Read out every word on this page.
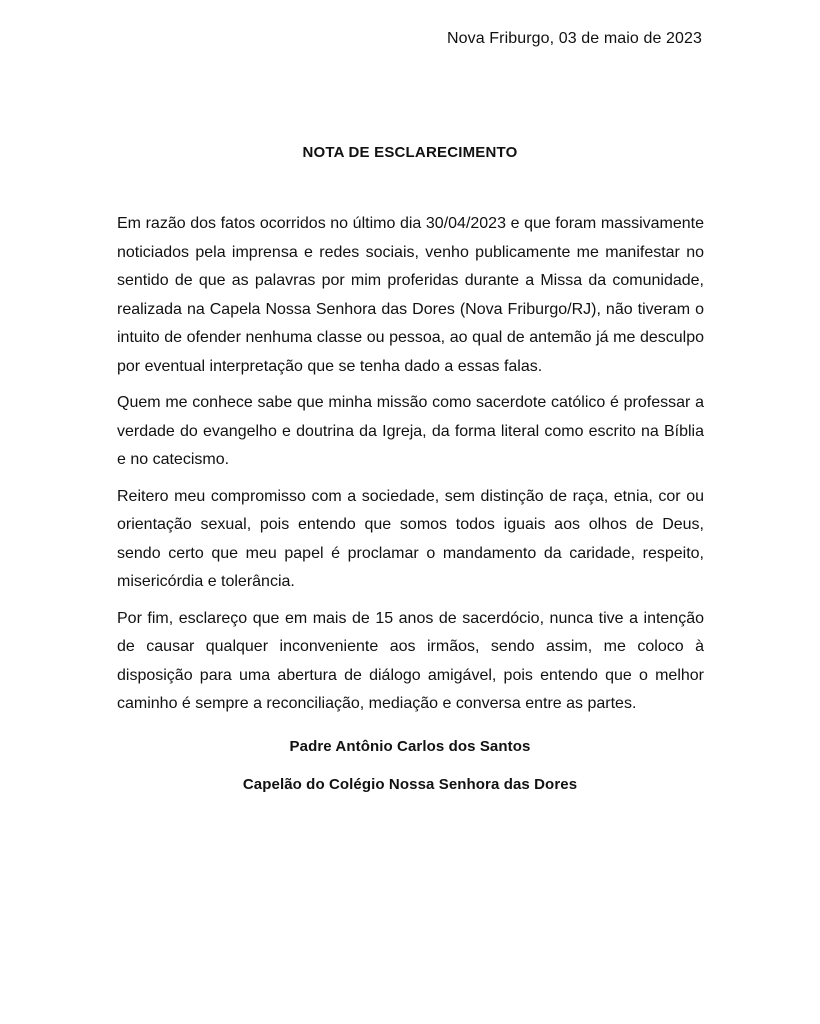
Nova Friburgo, 03 de maio de 2023
NOTA DE ESCLARECIMENTO

Em razão dos fatos ocorridos no último dia 30/04/2023 e que foram massivamente noticiados pela imprensa e redes sociais, venho publicamente me manifestar no sentido de que as palavras por mim proferidas durante a Missa da comunidade, realizada na Capela Nossa Senhora das Dores (Nova Friburgo/RJ), não tiveram o intuito de ofender nenhuma classe ou pessoa, ao qual de antemão já me desculpo por eventual interpretação que se tenha dado a essas falas.

Quem me conhece sabe que minha missão como sacerdote católico é professar a verdade do evangelho e doutrina da Igreja, da forma literal como escrito na Bíblia e no catecismo.

Reitero meu compromisso com a sociedade, sem distinção de raça, etnia, cor ou orientação sexual, pois entendo que somos todos iguais aos olhos de Deus, sendo certo que meu papel é proclamar o mandamento da caridade, respeito, misericórdia e tolerância.

Por fim, esclareço que em mais de 15 anos de sacerdócio, nunca tive a intenção de causar qualquer inconveniente aos irmãos, sendo assim, me coloco à disposição para uma abertura de diálogo amigável, pois entendo que o melhor caminho é sempre a reconciliação, mediação e conversa entre as partes.

Padre Antônio Carlos dos Santos
Capelão do Colégio Nossa Senhora das Dores
